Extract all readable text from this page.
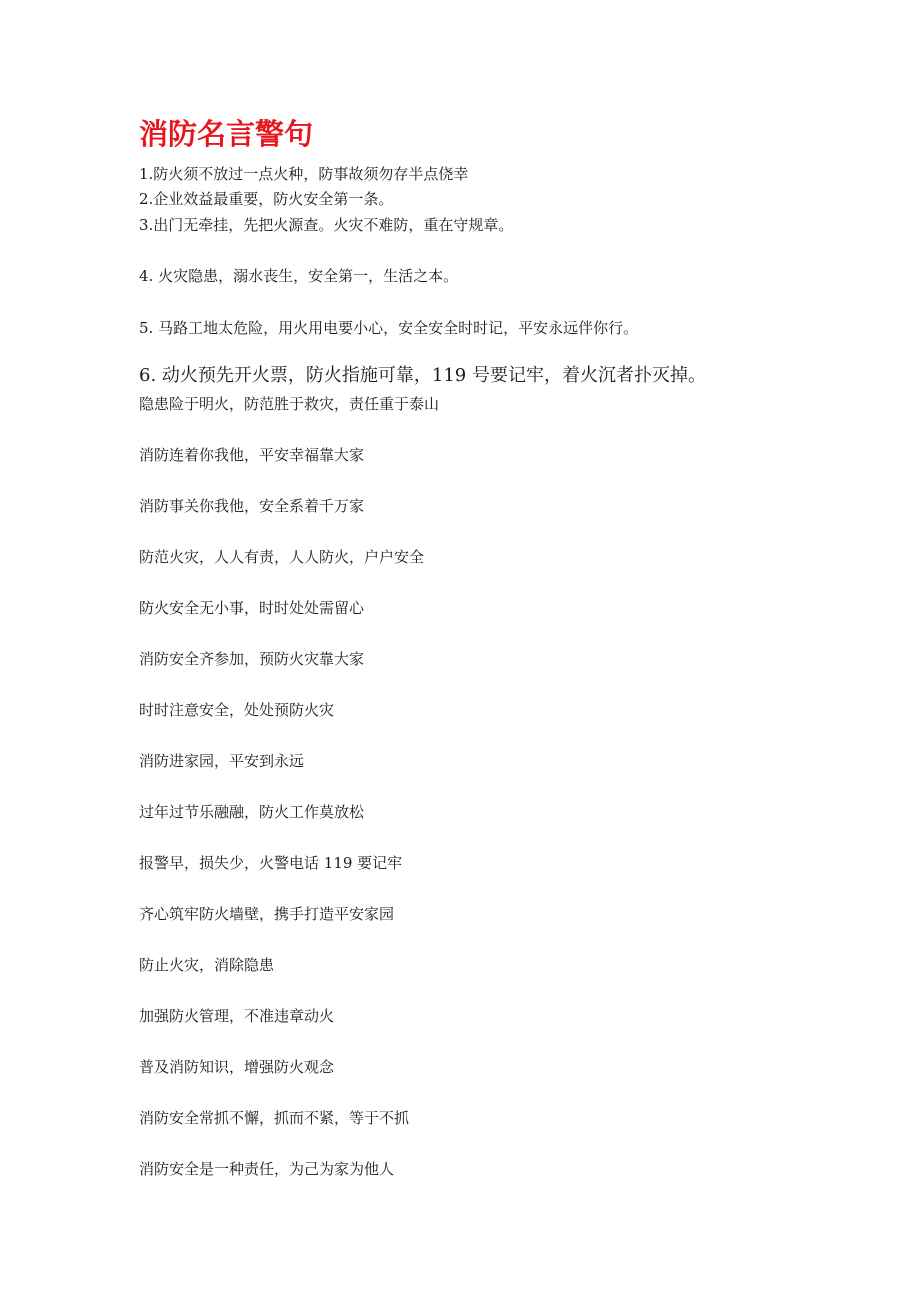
消防名言警句

1.防火须不放过一点火种，防事故须勿存半点侥幸

2.企业效益最重要，防火安全第一条。

3.出门无牵挂，先把火源查。火灾不难防，重在守规章。

4. 火灾隐患，溺水丧生，安全第一，生活之本。

5. 马路工地太危险，用火用电要小心，安全安全时时记，平安永远伴你行。

6. 动火预先开火票，防火指施可靠，119 号要记牢，着火沉者扑灭掉。

隐患险于明火，防范胜于救灾，责任重于泰山

消防连着你我他，平安幸福靠大家

消防事关你我他，安全系着千万家

防范火灾，人人有责，人人防火，户户安全

防火安全无小事，时时处处需留心

消防安全齐参加，预防火灾靠大家

时时注意安全，处处预防火灾

消防进家园，平安到永远

过年过节乐融融，防火工作莫放松

报警早，损失少，火警电话 119 要记牢

齐心筑牢防火墙壁，携手打造平安家园

防止火灾，消除隐患

加强防火管理，不准违章动火

普及消防知识，增强防火观念

消防安全常抓不懈，抓而不紧，等于不抓

消防安全是一种责任，为己为家为他人
